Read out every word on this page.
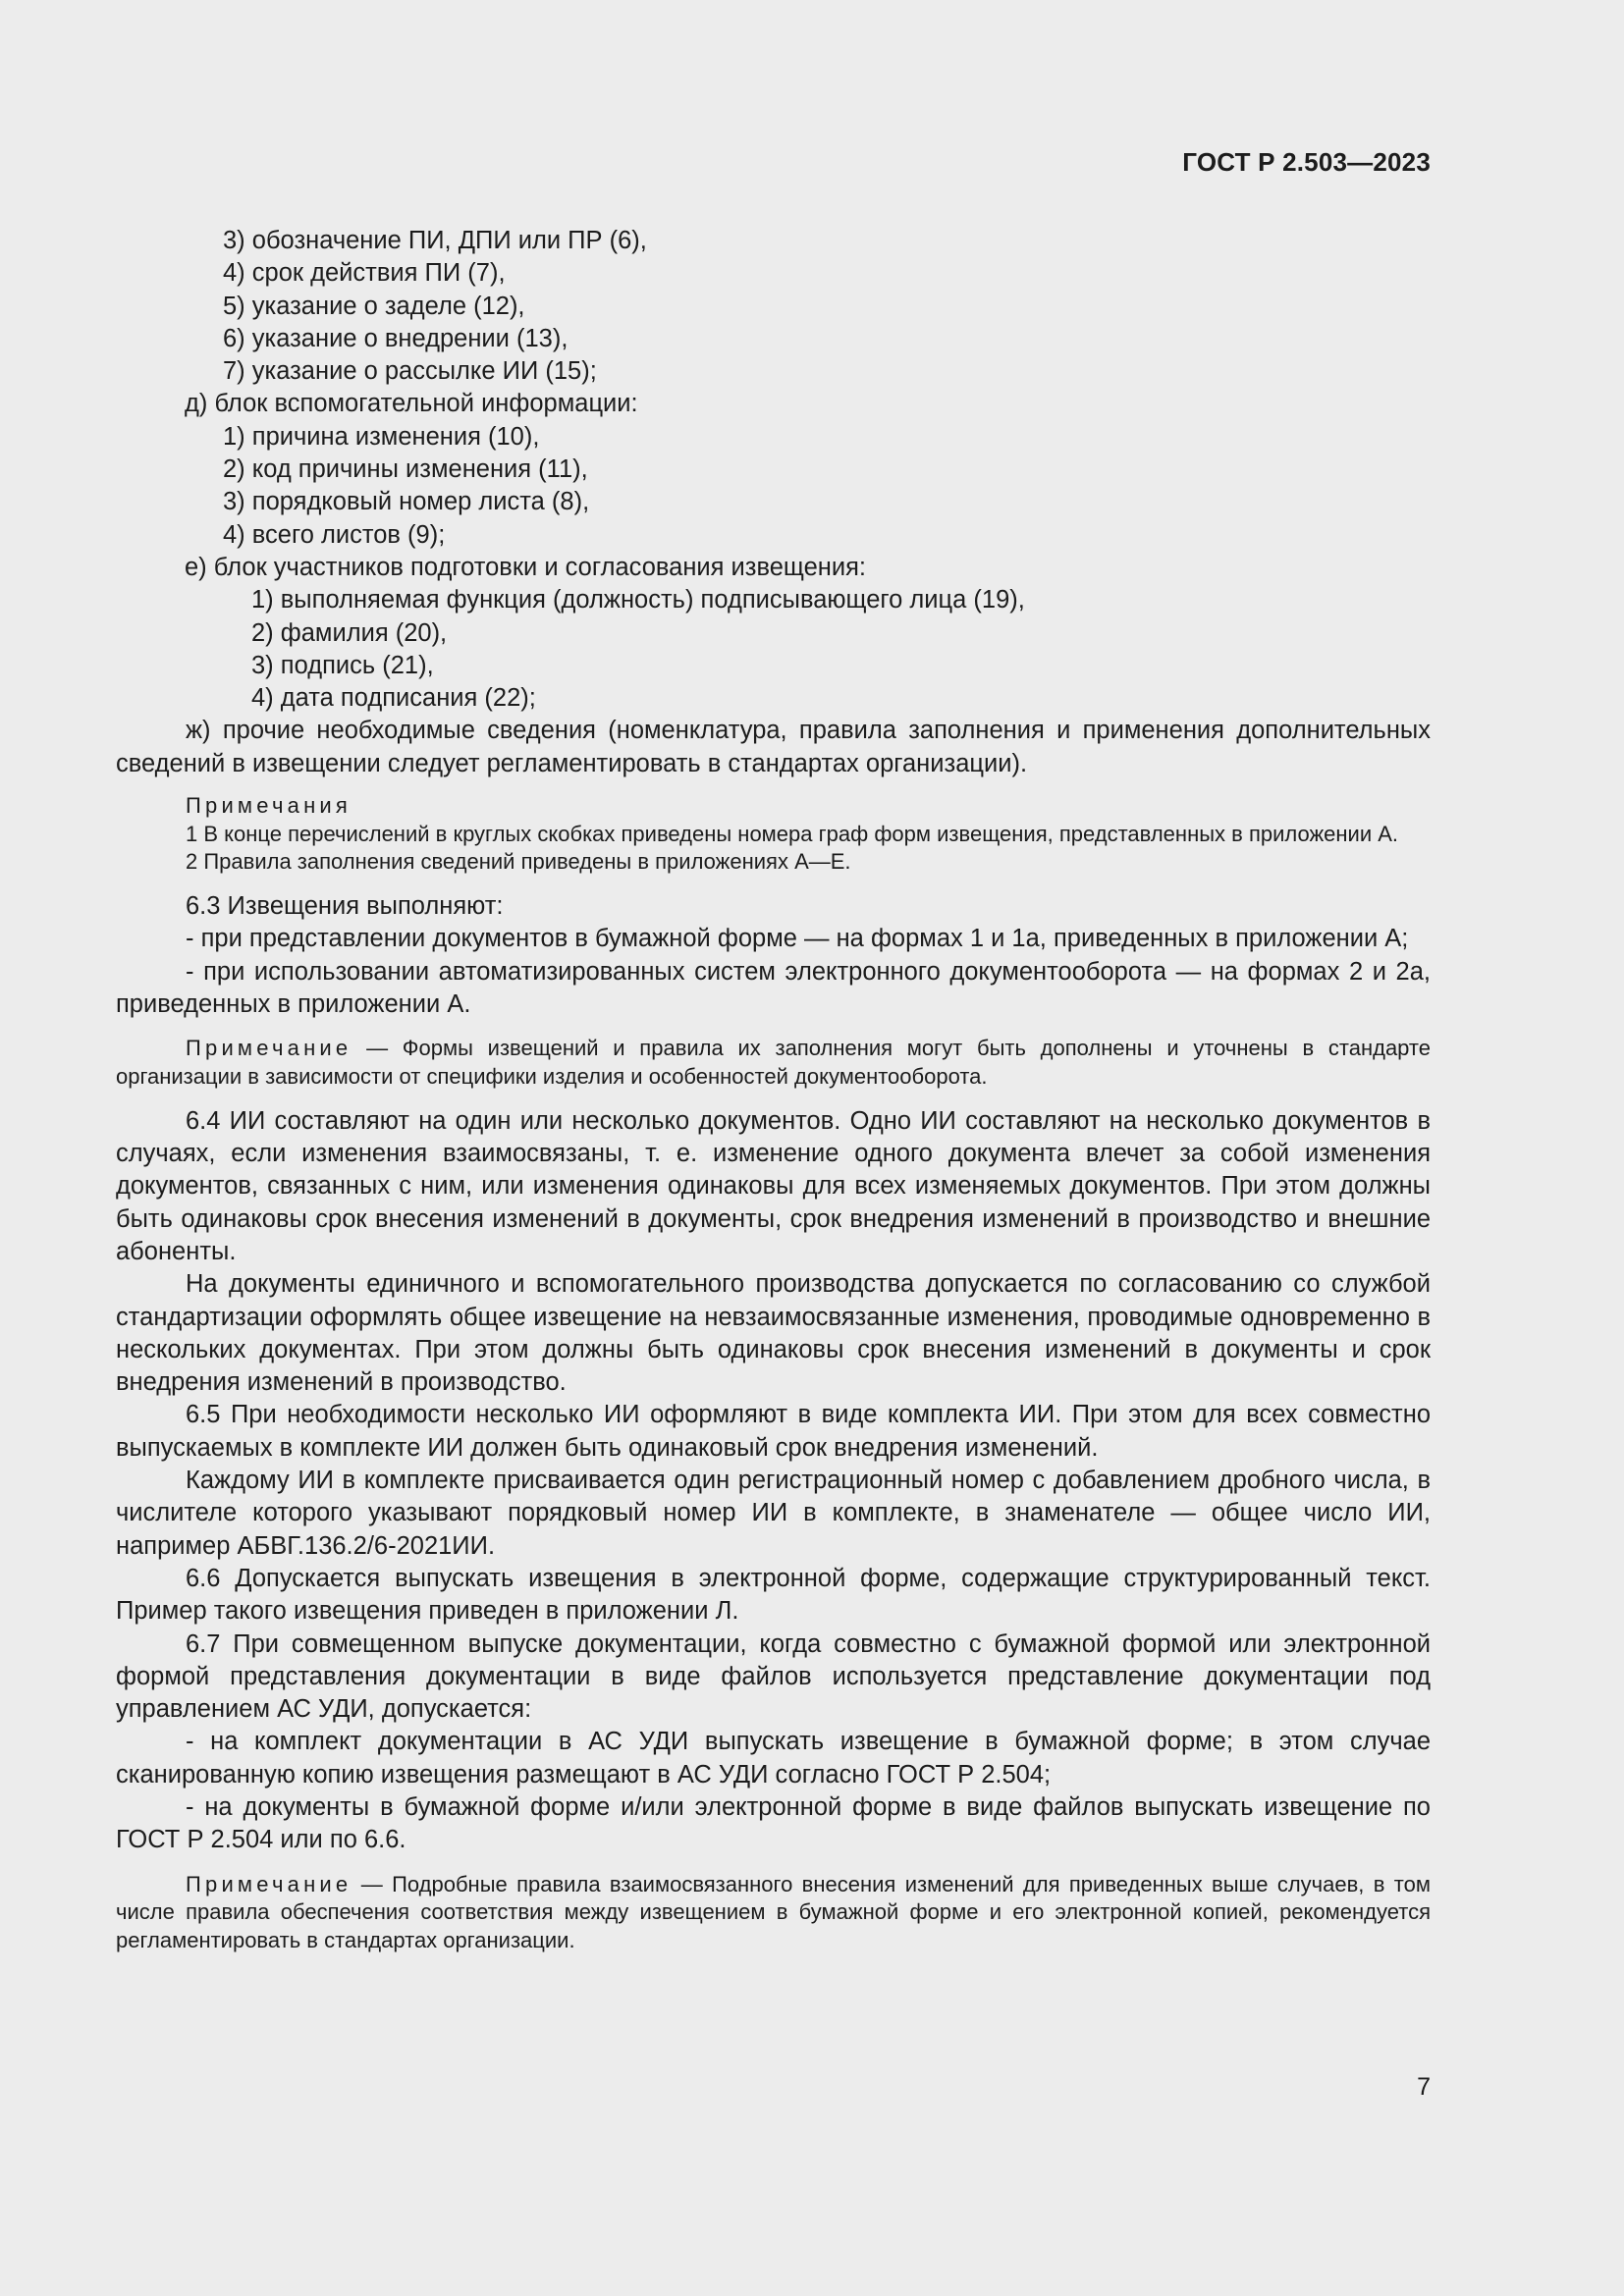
ГОСТ Р 2.503—2023
3) обозначение ПИ, ДПИ или ПР (6),
4) срок действия ПИ (7),
5) указание о заделе (12),
6) указание о внедрении (13),
7) указание о рассылке ИИ (15);
д) блок вспомогательной информации:
1) причина изменения (10),
2) код причины изменения (11),
3) порядковый номер листа (8),
4) всего листов (9);
е) блок участников подготовки и согласования извещения:
1) выполняемая функция (должность) подписывающего лица (19),
2) фамилия (20),
3) подпись (21),
4) дата подписания (22);

ж) прочие необходимые сведения (номенклатура, правила заполнения и применения дополнительных сведений в извещении следует регламентировать в стандартах организации).

Примечания

1 В конце перечислений в круглых скобках приведены номера граф форм извещения, представленных в приложении А.

2 Правила заполнения сведений приведены в приложениях А—Е.

6.3 Извещения выполняют:

- при представлении документов в бумажной форме — на формах 1 и 1а, приведенных в приложении А;

- при использовании автоматизированных систем электронного документооборота — на формах 2 и 2а, приведенных в приложении А.

Примечание — Формы извещений и правила их заполнения могут быть дополнены и уточнены в стандарте организации в зависимости от специфики изделия и особенностей документооборота.

6.4 ИИ составляют на один или несколько документов. Одно ИИ составляют на несколько документов в случаях, если изменения взаимосвязаны, т. е. изменение одного документа влечет за собой изменения документов, связанных с ним, или изменения одинаковы для всех изменяемых документов. При этом должны быть одинаковы срок внесения изменений в документы, срок внедрения изменений в производство и внешние абоненты.

На документы единичного и вспомогательного производства допускается по согласованию со службой стандартизации оформлять общее извещение на невзаимосвязанные изменения, проводимые одновременно в нескольких документах. При этом должны быть одинаковы срок внесения изменений в документы и срок внедрения изменений в производство.

6.5 При необходимости несколько ИИ оформляют в виде комплекта ИИ. При этом для всех совместно выпускаемых в комплекте ИИ должен быть одинаковый срок внедрения изменений.

Каждому ИИ в комплекте присваивается один регистрационный номер с добавлением дробного числа, в числителе которого указывают порядковый номер ИИ в комплекте, в знаменателе — общее число ИИ, например АБВГ.136.2/6-2021ИИ.

6.6 Допускается выпускать извещения в электронной форме, содержащие структурированный текст. Пример такого извещения приведен в приложении Л.

6.7 При совмещенном выпуске документации, когда совместно с бумажной формой или электронной формой представления документации в виде файлов используется представление документации под управлением АС УДИ, допускается:

- на комплект документации в АС УДИ выпускать извещение в бумажной форме; в этом случае сканированную копию извещения размещают в АС УДИ согласно ГОСТ Р 2.504;

- на документы в бумажной форме и/или электронной форме в виде файлов выпускать извещение по ГОСТ Р 2.504 или по 6.6.

Примечание — Подробные правила взаимосвязанного внесения изменений для приведенных выше случаев, в том числе правила обеспечения соответствия между извещением в бумажной форме и его электронной копией, рекомендуется регламентировать в стандартах организации.

7
